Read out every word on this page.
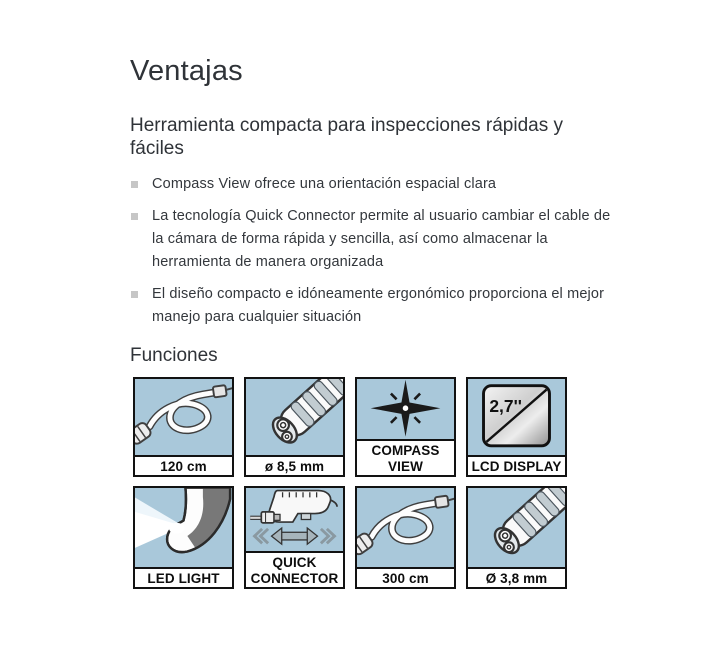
Ventajas
Herramienta compacta para inspecciones rápidas y fáciles
Compass View ofrece una orientación espacial clara
La tecnología Quick Connector permite al usuario cambiar el cable de la cámara de forma rápida y sencilla, así como almacenar la herramienta de manera organizada
El diseño compacto e idóneamente ergonómico proporciona el mejor manejo para cualquier situación
Funciones
120 cm	ø 8,5 mm
COMPASS
VIEW
2,7''
LCD DISPLAY
LED LIGHT
QUICK
CONNECTOR	300 cm	Ø 3,8 mm
